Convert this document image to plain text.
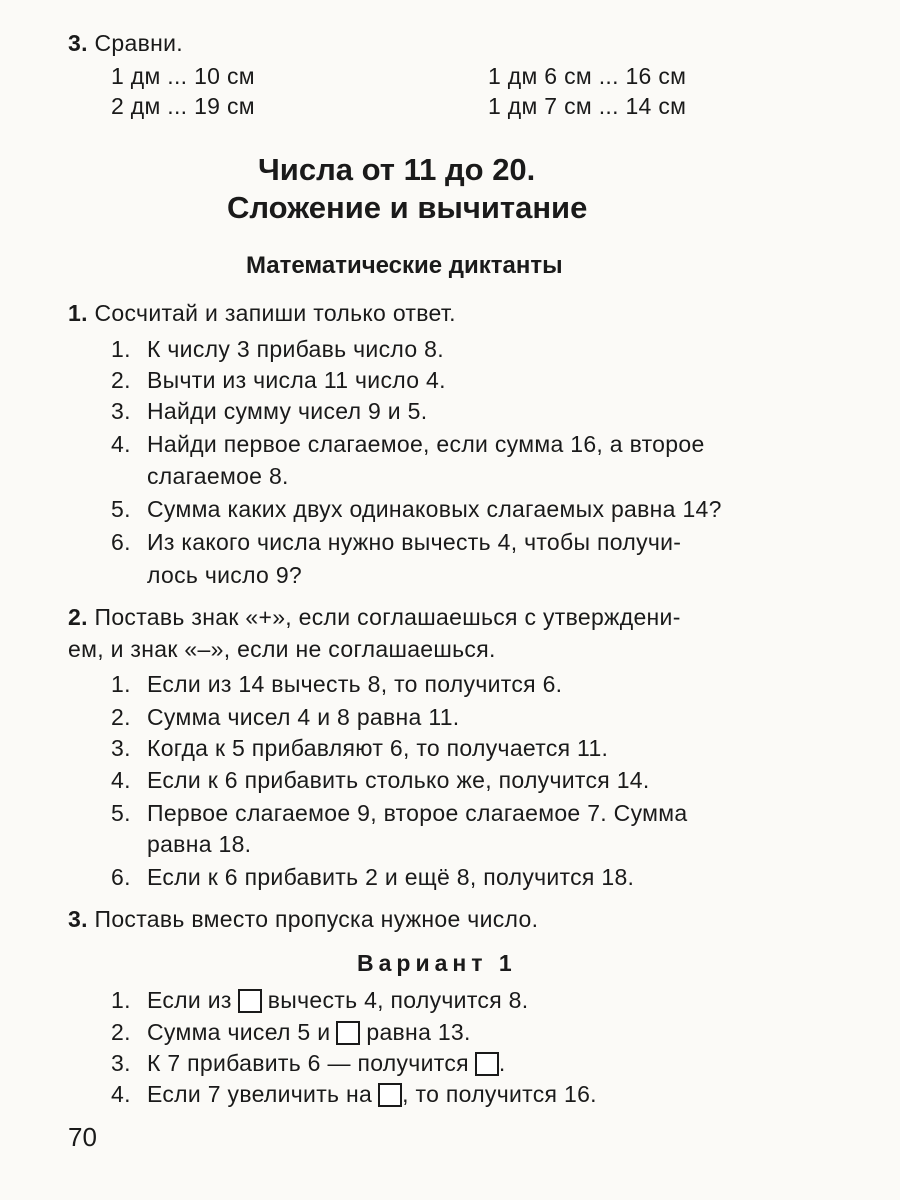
3. Сравни.
1 дм ... 10 см	1 дм 6 см ... 16 см
2 дм ... 19 см	1 дм 7 см ... 14 см
Числа от 11 до 20.
Сложение и вычитание
Математические диктанты
1. Сосчитай и запиши только ответ.
1. К числу 3 прибавь число 8.
2. Вычти из числа 11 число 4.
3. Найди сумму чисел 9 и 5.
4. Найди первое слагаемое, если сумма 16, а второе
слагаемое 8.
5. Сумма каких двух одинаковых слагаемых равна 14?
6. Из какого числа нужно вычесть 4, чтобы получи-
лось число 9?
2. Поставь знак «+», если соглашаешься с утверждени-
ем, и знак «–», если не соглашаешься.
1. Если из 14 вычесть 8, то получится 6.
2. Сумма чисел 4 и 8 равна 11.
3. Когда к 5 прибавляют 6, то получается 11.
4. Если к 6 прибавить столько же, получится 14.
5. Первое слагаемое 9, второе слагаемое 7. Сумма
равна 18.
6. Если к 6 прибавить 2 и ещё 8, получится 18.
3. Поставь вместо пропуска нужное число.
Вариант 1
1. Если из вычесть 4, получится 8.
2. Сумма чисел 5 и равна 13.
3. К 7 прибавить 6 — получится .
4. Если 7 увеличить на , то получится 16.
70
